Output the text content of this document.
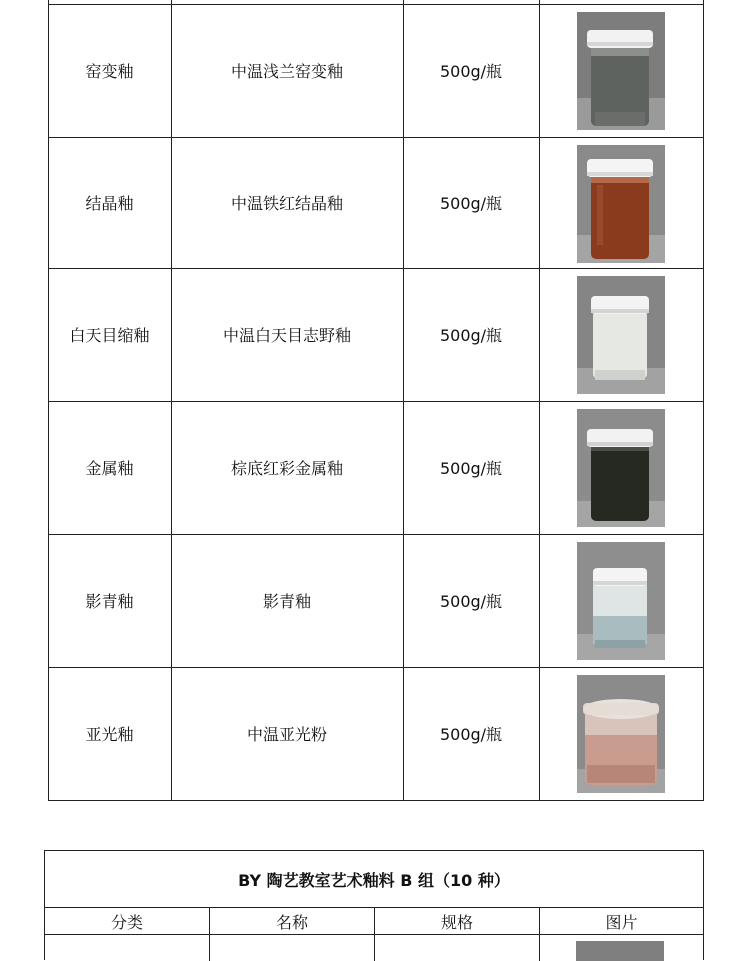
窑变釉	中温浅兰窑变釉	500g/瓶
结晶釉	中温铁红结晶釉	500g/瓶
白天目缩釉	中温白天目志野釉	500g/瓶
金属釉	棕底红彩金属釉	500g/瓶
影青釉	影青釉	500g/瓶
亚光釉	中温亚光粉	500g/瓶
BY 陶艺教室艺术釉料 B 组（10 种）
分类	名称	规格	图片
